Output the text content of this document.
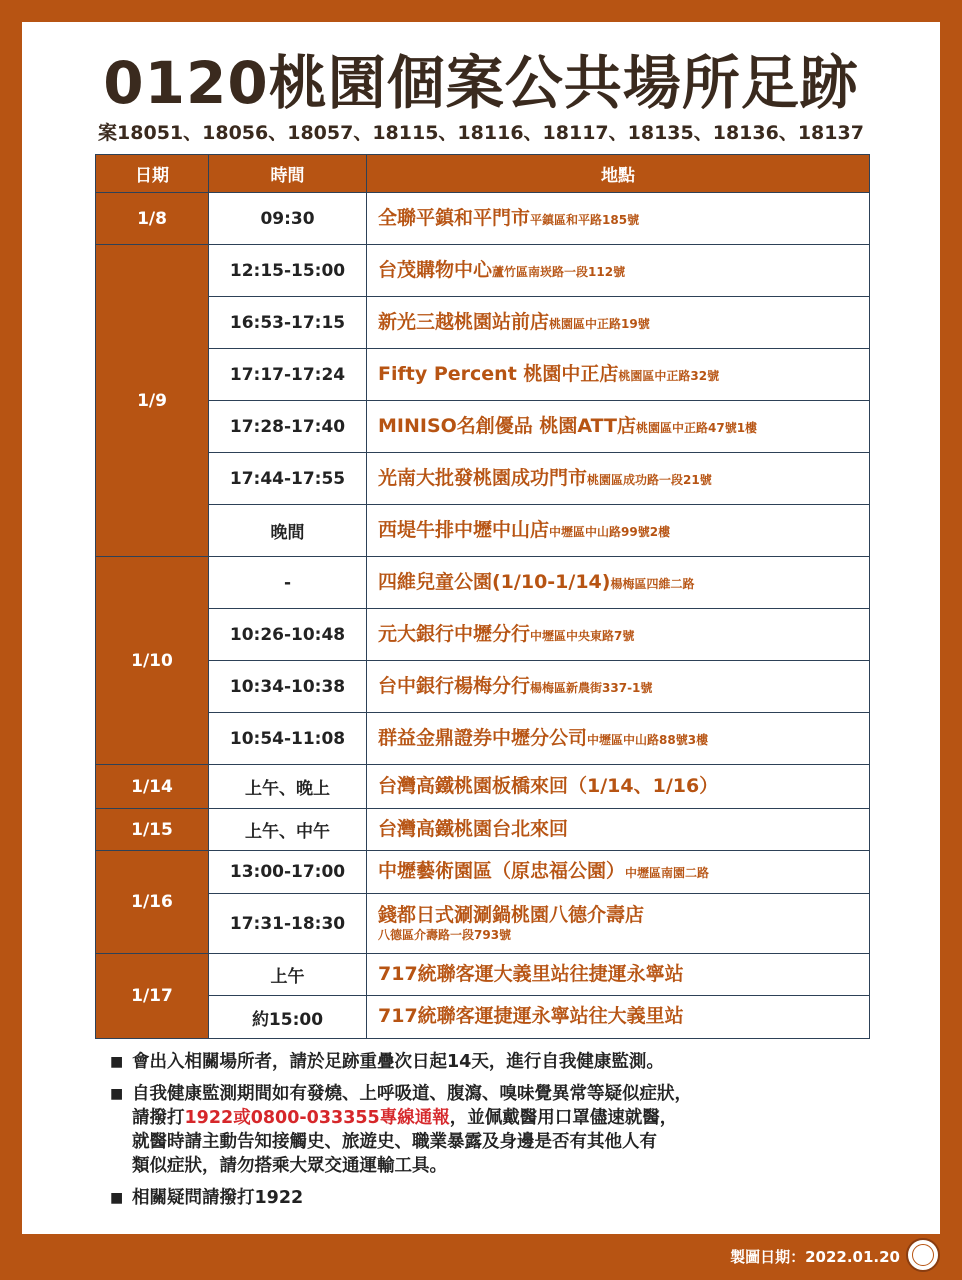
0120桃園個案公共場所足跡
案18051、18056、18057、18115、18116、18117、18135、18136、18137
日期	時間	地點
1/8	09:30	全聯平鎮和平門市平鎮區和平路185號
1/9	12:15-15:00	台茂購物中心蘆竹區南崁路一段112號
	16:53-17:15	新光三越桃園站前店桃園區中正路19號
	17:17-17:24	Fifty Percent 桃園中正店桃園區中正路32號
	17:28-17:40	MINISO名創優品 桃園ATT店桃園區中正路47號1樓
	17:44-17:55	光南大批發桃園成功門市桃園區成功路一段21號
	晚間	西堤牛排中壢中山店中壢區中山路99號2樓
1/10	-	四維兒童公園(1/10-1/14)楊梅區四維二路
	10:26-10:48	元大銀行中壢分行中壢區中央東路7號
	10:34-10:38	台中銀行楊梅分行楊梅區新農街337-1號
	10:54-11:08	群益金鼎證券中壢分公司中壢區中山路88號3樓
1/14	上午、晚上	台灣高鐵桃園板橋來回（1/14、1/16）
1/15	上午、中午	台灣高鐵桃園台北來回
1/16	13:00-17:00	中壢藝術園區（原忠福公園）中壢區南園二路
	17:31-18:30	錢都日式涮涮鍋桃園八德介壽店
八德區介壽路一段793號

1/17	上午	717統聯客運大義里站往捷運永寧站
	約15:00	717統聯客運捷運永寧站往大義里站
■ 會出入相關場所者，請於足跡重疊次日起14天，進行自我健康監測。
■ 自我健康監測期間如有發燒、上呼吸道、腹瀉、嗅味覺異常等疑似症狀，
請撥打1922或0800-033355專線通報，並佩戴醫用口罩儘速就醫，
就醫時請主動告知接觸史、旅遊史、職業暴露及身邊是否有其他人有
類似症狀，請勿搭乘大眾交通運輸工具。
■ 相關疑問請撥打1922
製圖日期：2022.01.20
